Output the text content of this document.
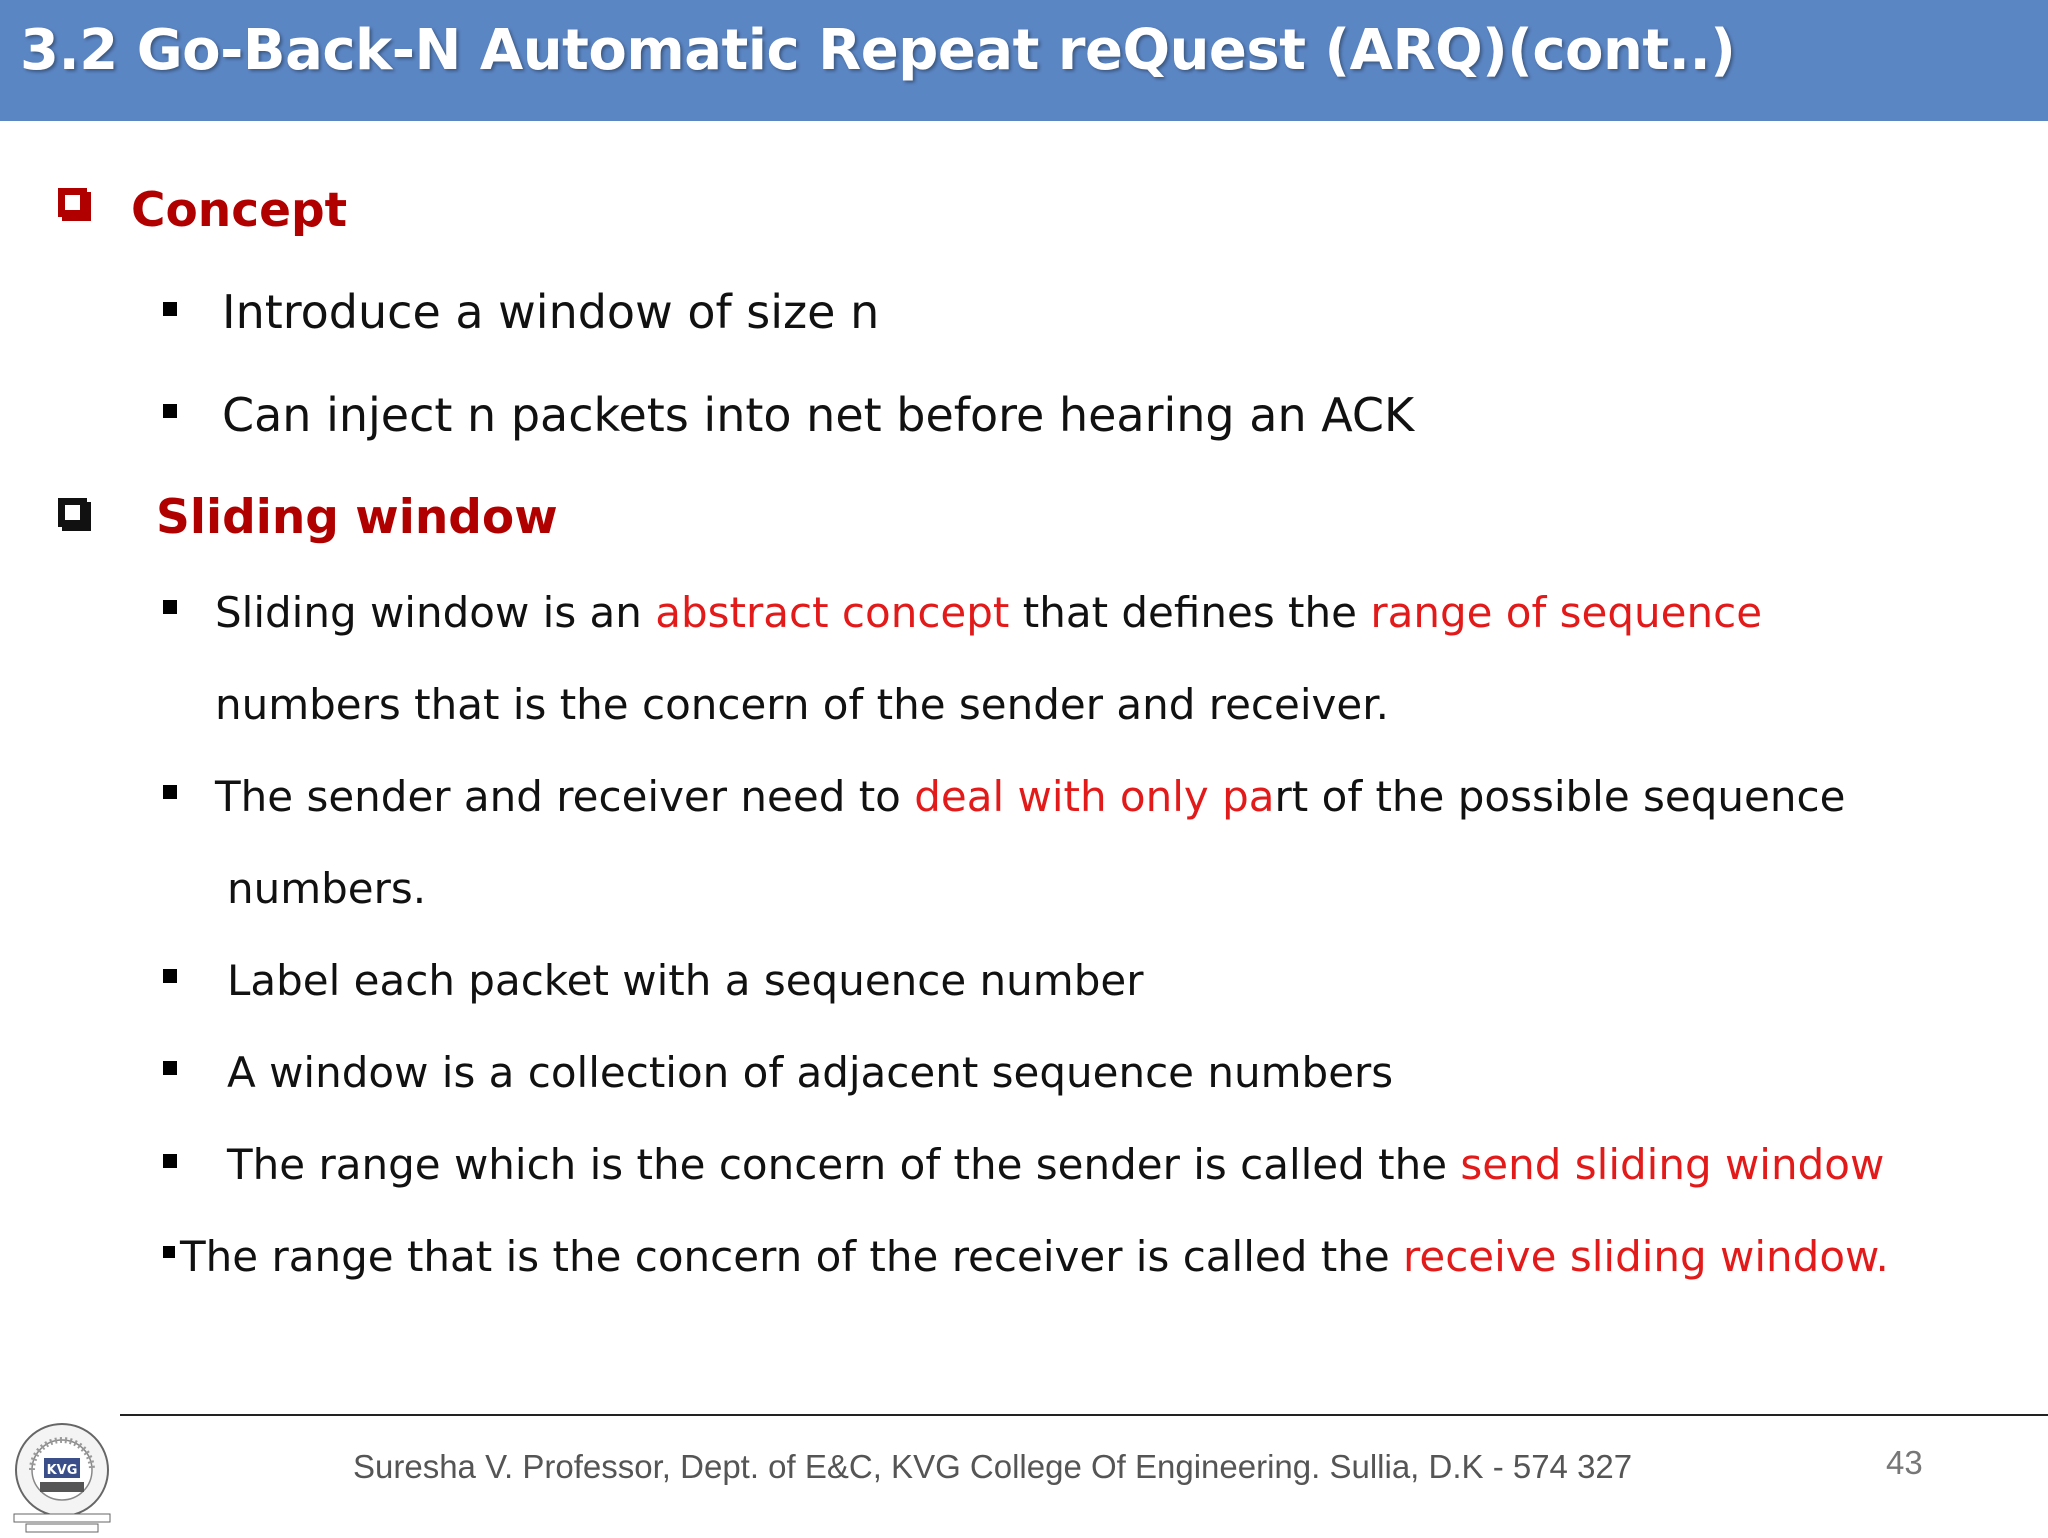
3.2 Go-Back-N Automatic Repeat reQuest (ARQ)(cont..)
Concept
Introduce a window of size n
Can inject n packets into net before hearing an ACK
Sliding window
Sliding window is an abstract concept that defines the range of sequence
numbers that is the concern of the sender and receiver.
The sender and receiver need to deal with only part of the possible sequence
numbers.
Label each packet with a sequence number
A window is a collection of adjacent sequence numbers
The range which is the concern of the sender is called the send sliding window
The range that is the concern of the receiver is called the receive sliding window.
KVG	Suresha V. Professor, Dept. of E&C, KVG College Of Engineering. Sullia, D.K - 574 327	43
